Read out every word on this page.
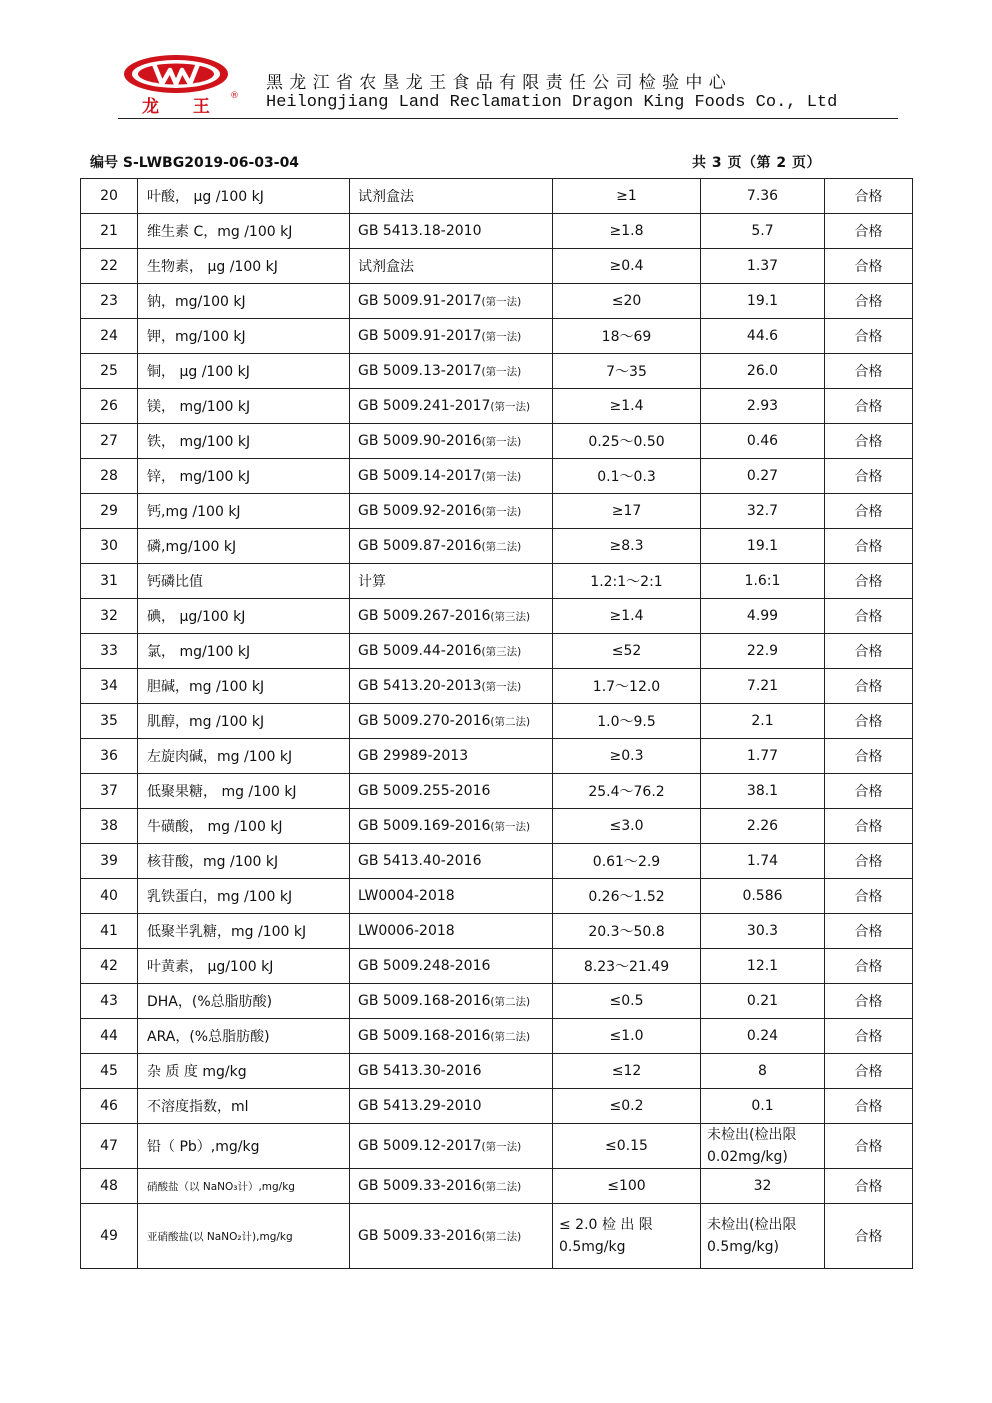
龙 王
®
黑龙江省农垦龙王食品有限责任公司检验中心
Heilongjiang Land Reclamation Dragon King Foods Co., Ltd
编号 S-LWBG2019-06-03-04	共 3 页（第 2 页）
20	叶酸， μg /100 kJ	试剂盒法	≥1	7.36	合格
21	维生素 C，mg /100 kJ	GB 5413.18-2010	≥1.8	5.7	合格
22	生物素， μg /100 kJ	试剂盒法	≥0.4	1.37	合格
23	钠，mg/100 kJ	GB 5009.91-2017(第一法)	≤20	19.1	合格
24	钾，mg/100 kJ	GB 5009.91-2017(第一法)	18～69	44.6	合格
25	铜， μg /100 kJ	GB 5009.13-2017(第一法)	7～35	26.0	合格
26	镁， mg/100 kJ	GB 5009.241-2017(第一法)	≥1.4	2.93	合格
27	铁， mg/100 kJ	GB 5009.90-2016(第一法)	0.25～0.50	0.46	合格
28	锌， mg/100 kJ	GB 5009.14-2017(第一法)	0.1～0.3	0.27	合格
29	钙,mg /100 kJ	GB 5009.92-2016(第一法)	≥17	32.7	合格
30	磷,mg/100 kJ	GB 5009.87-2016(第二法)	≥8.3	19.1	合格
31	钙磷比值	计算	1.2:1～2:1	1.6:1	合格
32	碘， μg/100 kJ	GB 5009.267-2016(第三法)	≥1.4	4.99	合格
33	氯， mg/100 kJ	GB 5009.44-2016(第三法)	≤52	22.9	合格
34	胆碱，mg /100 kJ	GB 5413.20-2013(第一法)	1.7～12.0	7.21	合格
35	肌醇，mg /100 kJ	GB 5009.270-2016(第二法)	1.0～9.5	2.1	合格
36	左旋肉碱，mg /100 kJ	GB 29989-2013	≥0.3	1.77	合格
37	低聚果糖， mg /100 kJ	GB 5009.255-2016	25.4～76.2	38.1	合格
38	牛磺酸， mg /100 kJ	GB 5009.169-2016(第一法)	≤3.0	2.26	合格
39	核苷酸，mg /100 kJ	GB 5413.40-2016	0.61～2.9	1.74	合格
40	乳铁蛋白，mg /100 kJ	LW0004-2018	0.26～1.52	0.586	合格
41	低聚半乳糖，mg /100 kJ	LW0006-2018	20.3～50.8	30.3	合格
42	叶黄素， μg/100 kJ	GB 5009.248-2016	8.23～21.49	12.1	合格
43	DHA，(%总脂肪酸)	GB 5009.168-2016(第二法)	≤0.5	0.21	合格
44	ARA，(%总脂肪酸)	GB 5009.168-2016(第二法)	≤1.0	0.24	合格
45	杂 质 度 mg/kg	GB 5413.30-2016	≤12	8	合格
46	不溶度指数，ml	GB 5413.29-2010	≤0.2	0.1	合格
47	铅（ Pb）,mg/kg	GB 5009.12-2017(第一法)	≤0.15	未检出(检出限 0.02mg/kg)	合格
48	硝酸盐（以 NaNO₃计）,mg/kg	GB 5009.33-2016(第二法)	≤100	32	合格
49	亚硝酸盐(以 NaNO₂计),mg/kg	GB 5009.33-2016(第二法)	≤ 2.0 检 出 限 0.5mg/kg	未检出(检出限 0.5mg/kg)	合格
